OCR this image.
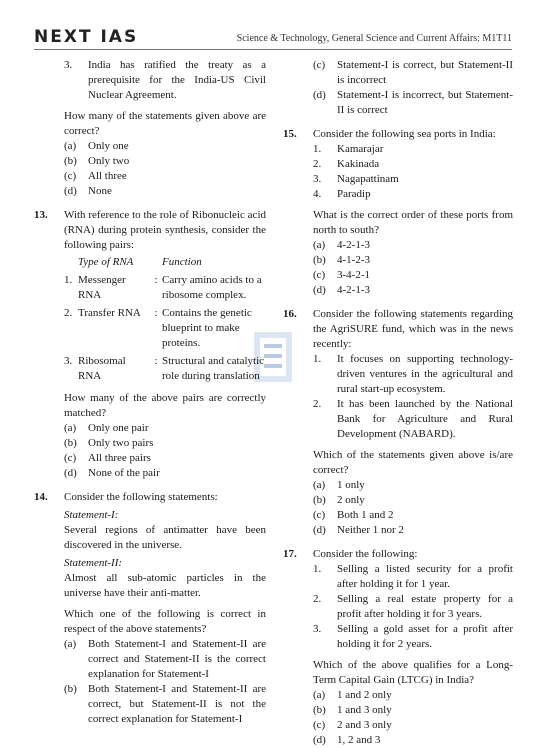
NEXT IAS	Science & Technology, General Science and Current Affairs: M1T11
3. India has ratified the treaty as a prerequisite for the India-US Civil Nuclear Agreement.
How many of the statements given above are correct?
(a) Only one
(b) Only two
(c) All three
(d) None
13. With reference to the role of Ribonucleic acid (RNA) during protein synthesis, consider the following pairs:
Type of RNA			Function
1.	Messenger RNA	:	Carry amino acids to a ribosome complex.
2.	Transfer RNA	:	Contains the genetic blueprint to make proteins.
3.	Ribosomal RNA	:	Structural and catalytic role during translation
How many of the above pairs are correctly matched?
(a) Only one pair
(b) Only two pairs
(c) All three pairs
(d) None of the pair
14. Consider the following statements:
Statement-I:
Several regions of antimatter have been discovered in the universe.
Statement-II:
Almost all sub-atomic particles in the universe have their anti-matter.
Which one of the following is correct in respect of the above statements?
(a) Both Statement-I and Statement-II are correct and Statement-II is the correct explanation for Statement-I
(b) Both Statement-I and Statement-II are correct, but Statement-II is not the correct explanation for Statement-I
(c) Statement-I is correct, but Statement-II is incorrect
(d) Statement-I is incorrect, but Statement-II is correct
15. Consider the following sea ports in India:
1. Kamarajar
2. Kakinada
3. Nagapattinam
4. Paradip
What is the correct order of these ports from north to south?
(a) 4-2-1-3
(b) 4-1-2-3
(c) 3-4-2-1
(d) 4-2-1-3
16. Consider the following statements regarding the AgriSURE fund, which was in the news recently:
1. It focuses on supporting technology-driven ventures in the agricultural and rural start-up ecosystem.
2. It has been launched by the National Bank for Agriculture and Rural Development (NABARD).
Which of the statements given above is/are correct?
(a) 1 only
(b) 2 only
(c) Both 1 and 2
(d) Neither 1 nor 2
17. Consider the following:
1. Selling a listed security for a profit after holding it for 1 year.
2. Selling a real estate property for a profit after holding it for 3 years.
3. Selling a gold asset for a profit after holding it for 2 years.
Which of the above qualifies for a Long-Term Capital Gain (LTCG) in India?
(a) 1 and 2 only
(b) 1 and 3 only
(c) 2 and 3 only
(d) 1, 2 and 3
